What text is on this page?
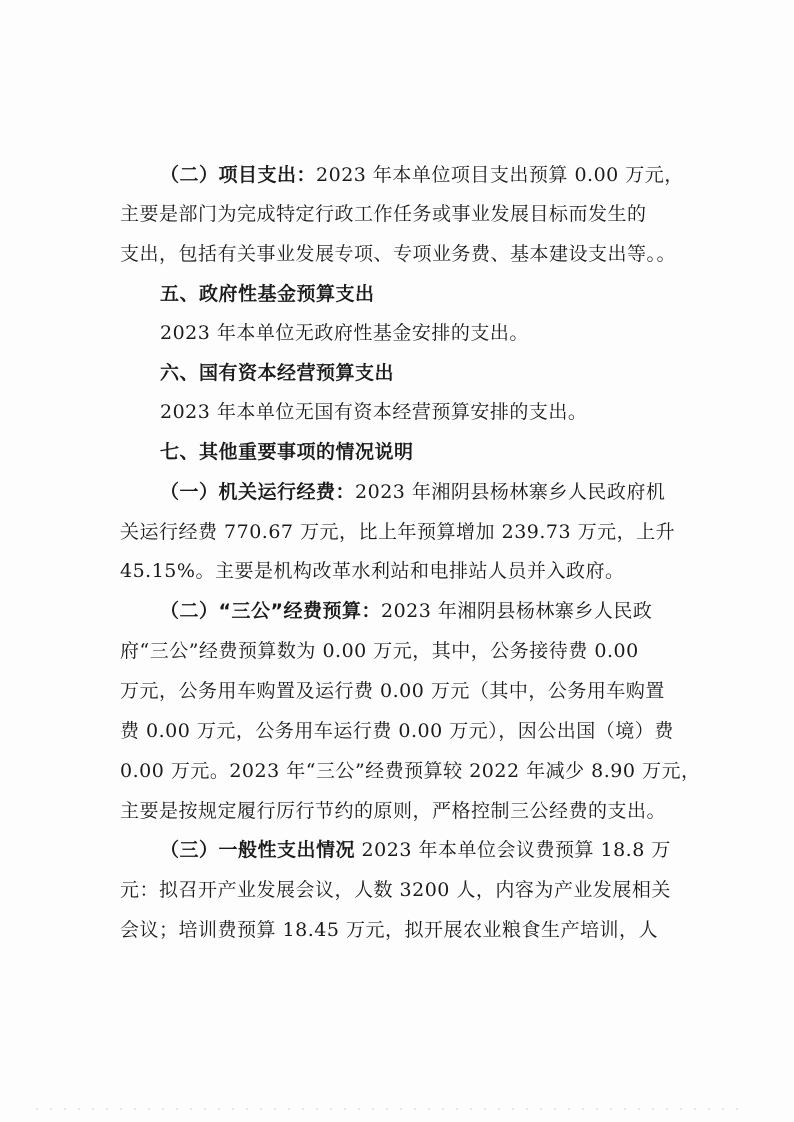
（二）项目支出：2023 年本单位项目支出预算 0.00 万元，
主要是部门为完成特定行政工作任务或事业发展目标而发生的
支出，包括有关事业发展专项、专项业务费、基本建设支出等。。
五、政府性基金预算支出
2023 年本单位无政府性基金安排的支出。
六、国有资本经营预算支出
2023 年本单位无国有资本经营预算安排的支出。
七、其他重要事项的情况说明
（一）机关运行经费：2023 年湘阴县杨林寨乡人民政府机
关运行经费 770.67 万元，比上年预算增加 239.73 万元，上升
45.15%。主要是机构改革水利站和电排站人员并入政府。
（二）“三公”经费预算：2023 年湘阴县杨林寨乡人民政
府“三公”经费预算数为 0.00 万元，其中，公务接待费 0.00
万元，公务用车购置及运行费 0.00 万元（其中，公务用车购置
费 0.00 万元，公务用车运行费 0.00 万元），因公出国（境）费
0.00 万元。2023 年“三公”经费预算较 2022 年减少 8.90 万元，
主要是按规定履行厉行节约的原则，严格控制三公经费的支出。
（三）一般性支出情况 2023 年本单位会议费预算 18.8 万
元：拟召开产业发展会议，人数 3200 人，内容为产业发展相关
会议；培训费预算 18.45 万元，拟开展农业粮食生产培训，人
